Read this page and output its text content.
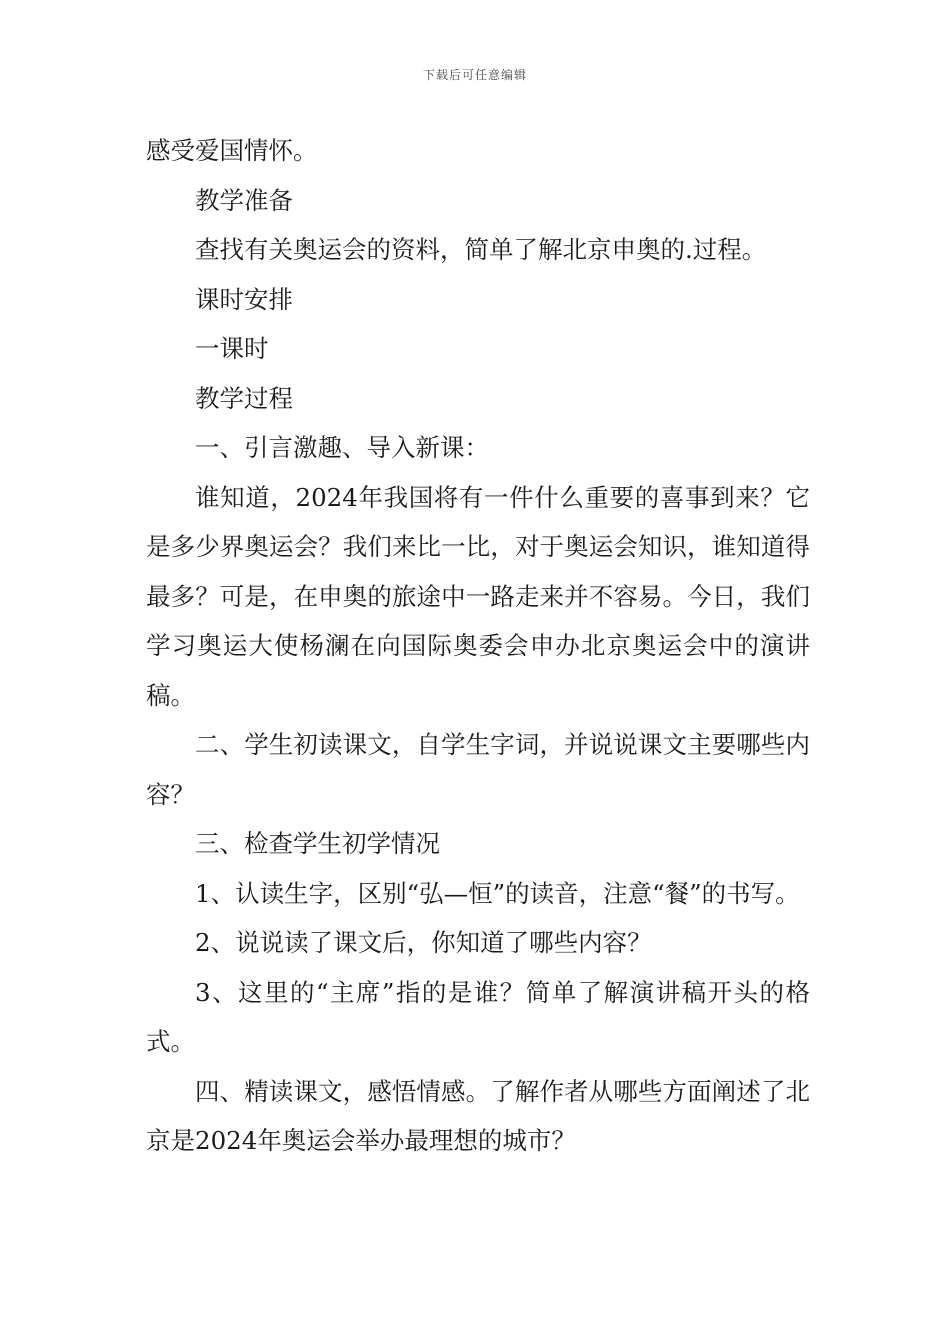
下载后可任意编辑

感受爱国情怀。

教学准备

查找有关奥运会的资料，简单了解北京申奥的.过程。

课时安排

一课时

教学过程

一、引言激趣、导入新课：

谁知道，2024年我国将有一件什么重要的喜事到来？它是多少界奥运会？我们来比一比，对于奥运会知识，谁知道得最多？可是，在申奥的旅途中一路走来并不容易。今日，我们学习奥运大使杨澜在向国际奥委会申办北京奥运会中的演讲稿。

二、学生初读课文，自学生字词，并说说课文主要哪些内容？

三、检查学生初学情况

1、认读生字，区别“弘—恒”的读音，注意“餐”的书写。

2、说说读了课文后，你知道了哪些内容？

3、这里的“主席”指的是谁？简单了解演讲稿开头的格式。

四、精读课文，感悟情感。了解作者从哪些方面阐述了北京是2024年奥运会举办最理想的城市？
